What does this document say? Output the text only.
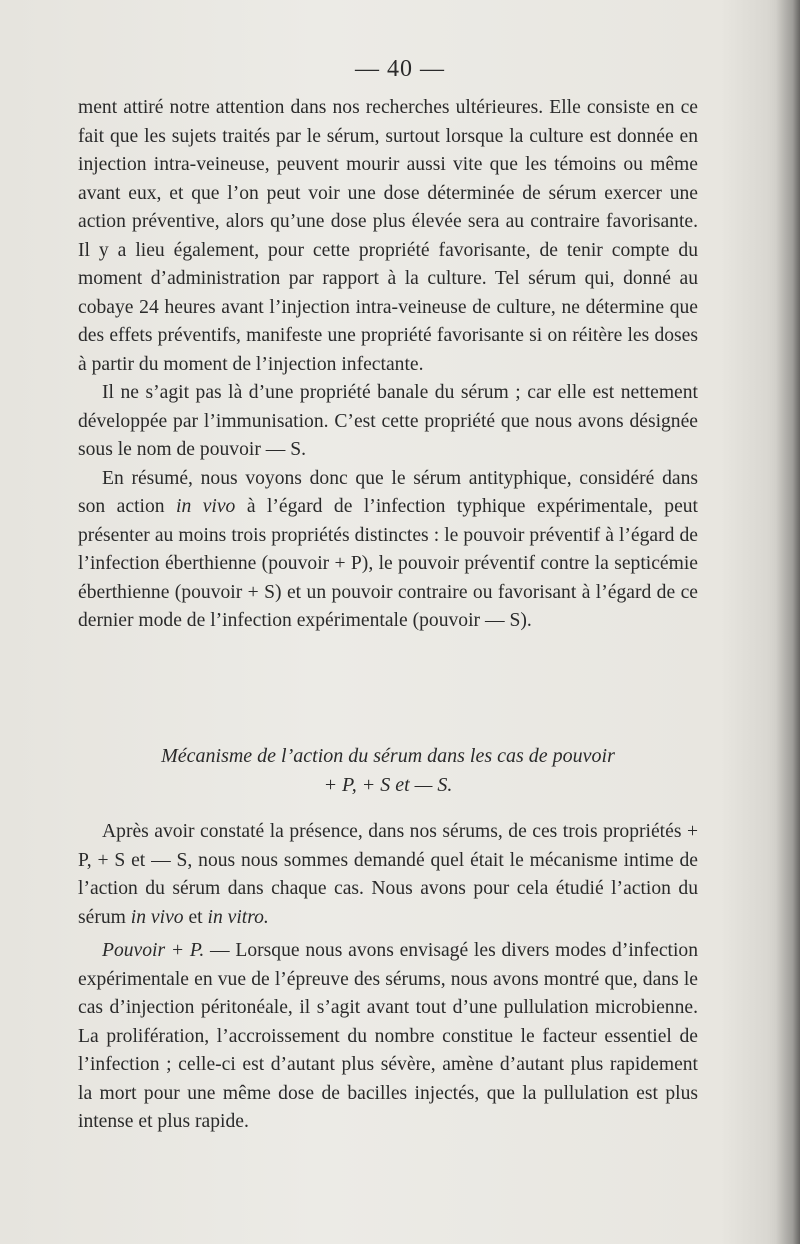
— 40 —

ment attiré notre attention dans nos recherches ultérieures. Elle consiste en ce fait que les sujets traités par le sérum, surtout lorsque la culture est donnée en injection intra-veineuse, peuvent mourir aussi vite que les témoins ou même avant eux, et que l’on peut voir une dose déterminée de sérum exercer une action préventive, alors qu’une dose plus élevée sera au contraire favorisante. Il y a lieu également, pour cette propriété favorisante, de tenir compte du moment d’administration par rapport à la culture. Tel sérum qui, donné au cobaye 24 heures avant l’injection intra-veineuse de culture, ne détermine que des effets préventifs, manifeste une propriété favorisante si on réitère les doses à partir du moment de l’injection infectante.

Il ne s’agit pas là d’une propriété banale du sérum ; car elle est nettement développée par l’immunisation. C’est cette propriété que nous avons désignée sous le nom de pouvoir — S.

En résumé, nous voyons donc que le sérum antityphique, considéré dans son action in vivo à l’égard de l’infection typhique expérimentale, peut présenter au moins trois propriétés distinctes : le pouvoir préventif à l’égard de l’infection éberthienne (pouvoir + P), le pouvoir préventif contre la septicémie éberthienne (pouvoir + S) et un pouvoir contraire ou favorisant à l’égard de ce dernier mode de l’infection expérimentale (pouvoir — S).

Mécanisme de l’action du sérum dans les cas de pouvoir
+ P, + S et — S.

Après avoir constaté la présence, dans nos sérums, de ces trois propriétés + P, + S et — S, nous nous sommes demandé quel était le mécanisme intime de l’action du sérum dans chaque cas. Nous avons pour cela étudié l’action du sérum in vivo et in vitro.

Pouvoir + P. — Lorsque nous avons envisagé les divers modes d’infection expérimentale en vue de l’épreuve des sérums, nous avons montré que, dans le cas d’injection péritonéale, il s’agit avant tout d’une pullulation microbienne. La prolifération, l’accroissement du nombre constitue le facteur essentiel de l’infection ; celle-ci est d’autant plus sévère, amène d’autant plus rapidement la mort pour une même dose de bacilles injectés, que la pullulation est plus intense et plus rapide.
